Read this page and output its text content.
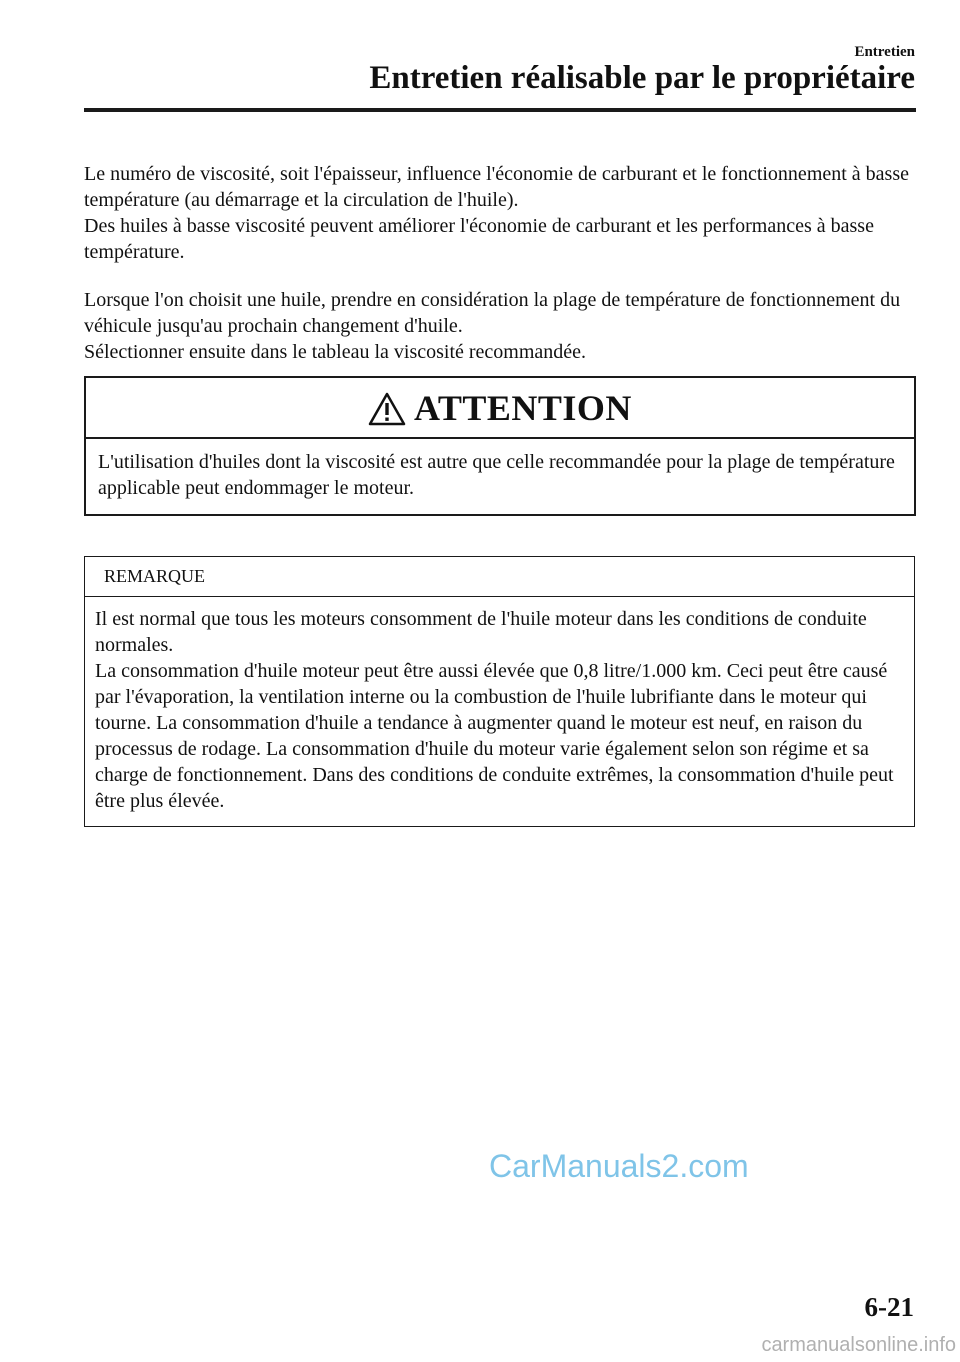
Entretien
Entretien réalisable par le propriétaire

Le numéro de viscosité, soit l'épaisseur, influence l'économie de carburant et le fonctionnement à basse température (au démarrage et la circulation de l'huile).
Des huiles à basse viscosité peuvent améliorer l'économie de carburant et les performances à basse température.

Lorsque l'on choisit une huile, prendre en considération la plage de température de fonctionnement du véhicule jusqu'au prochain changement d'huile.
Sélectionner ensuite dans le tableau la viscosité recommandée.

ATTENTION

L'utilisation d'huiles dont la viscosité est autre que celle recommandée pour la plage de température applicable peut endommager le moteur.

REMARQUE

Il est normal que tous les moteurs consomment de l'huile moteur dans les conditions de conduite normales.
La consommation d'huile moteur peut être aussi élevée que 0,8 litre/1.000 km. Ceci peut être causé par l'évaporation, la ventilation interne ou la combustion de l'huile lubrifiante dans le moteur qui tourne. La consommation d'huile a tendance à augmenter quand le moteur est neuf, en raison du processus de rodage. La consommation d'huile du moteur varie également selon son régime et sa charge de fonctionnement. Dans des conditions de conduite extrêmes, la consommation d'huile peut être plus élevée.

CarManuals2.com
6-21
carmanualsonline.info
